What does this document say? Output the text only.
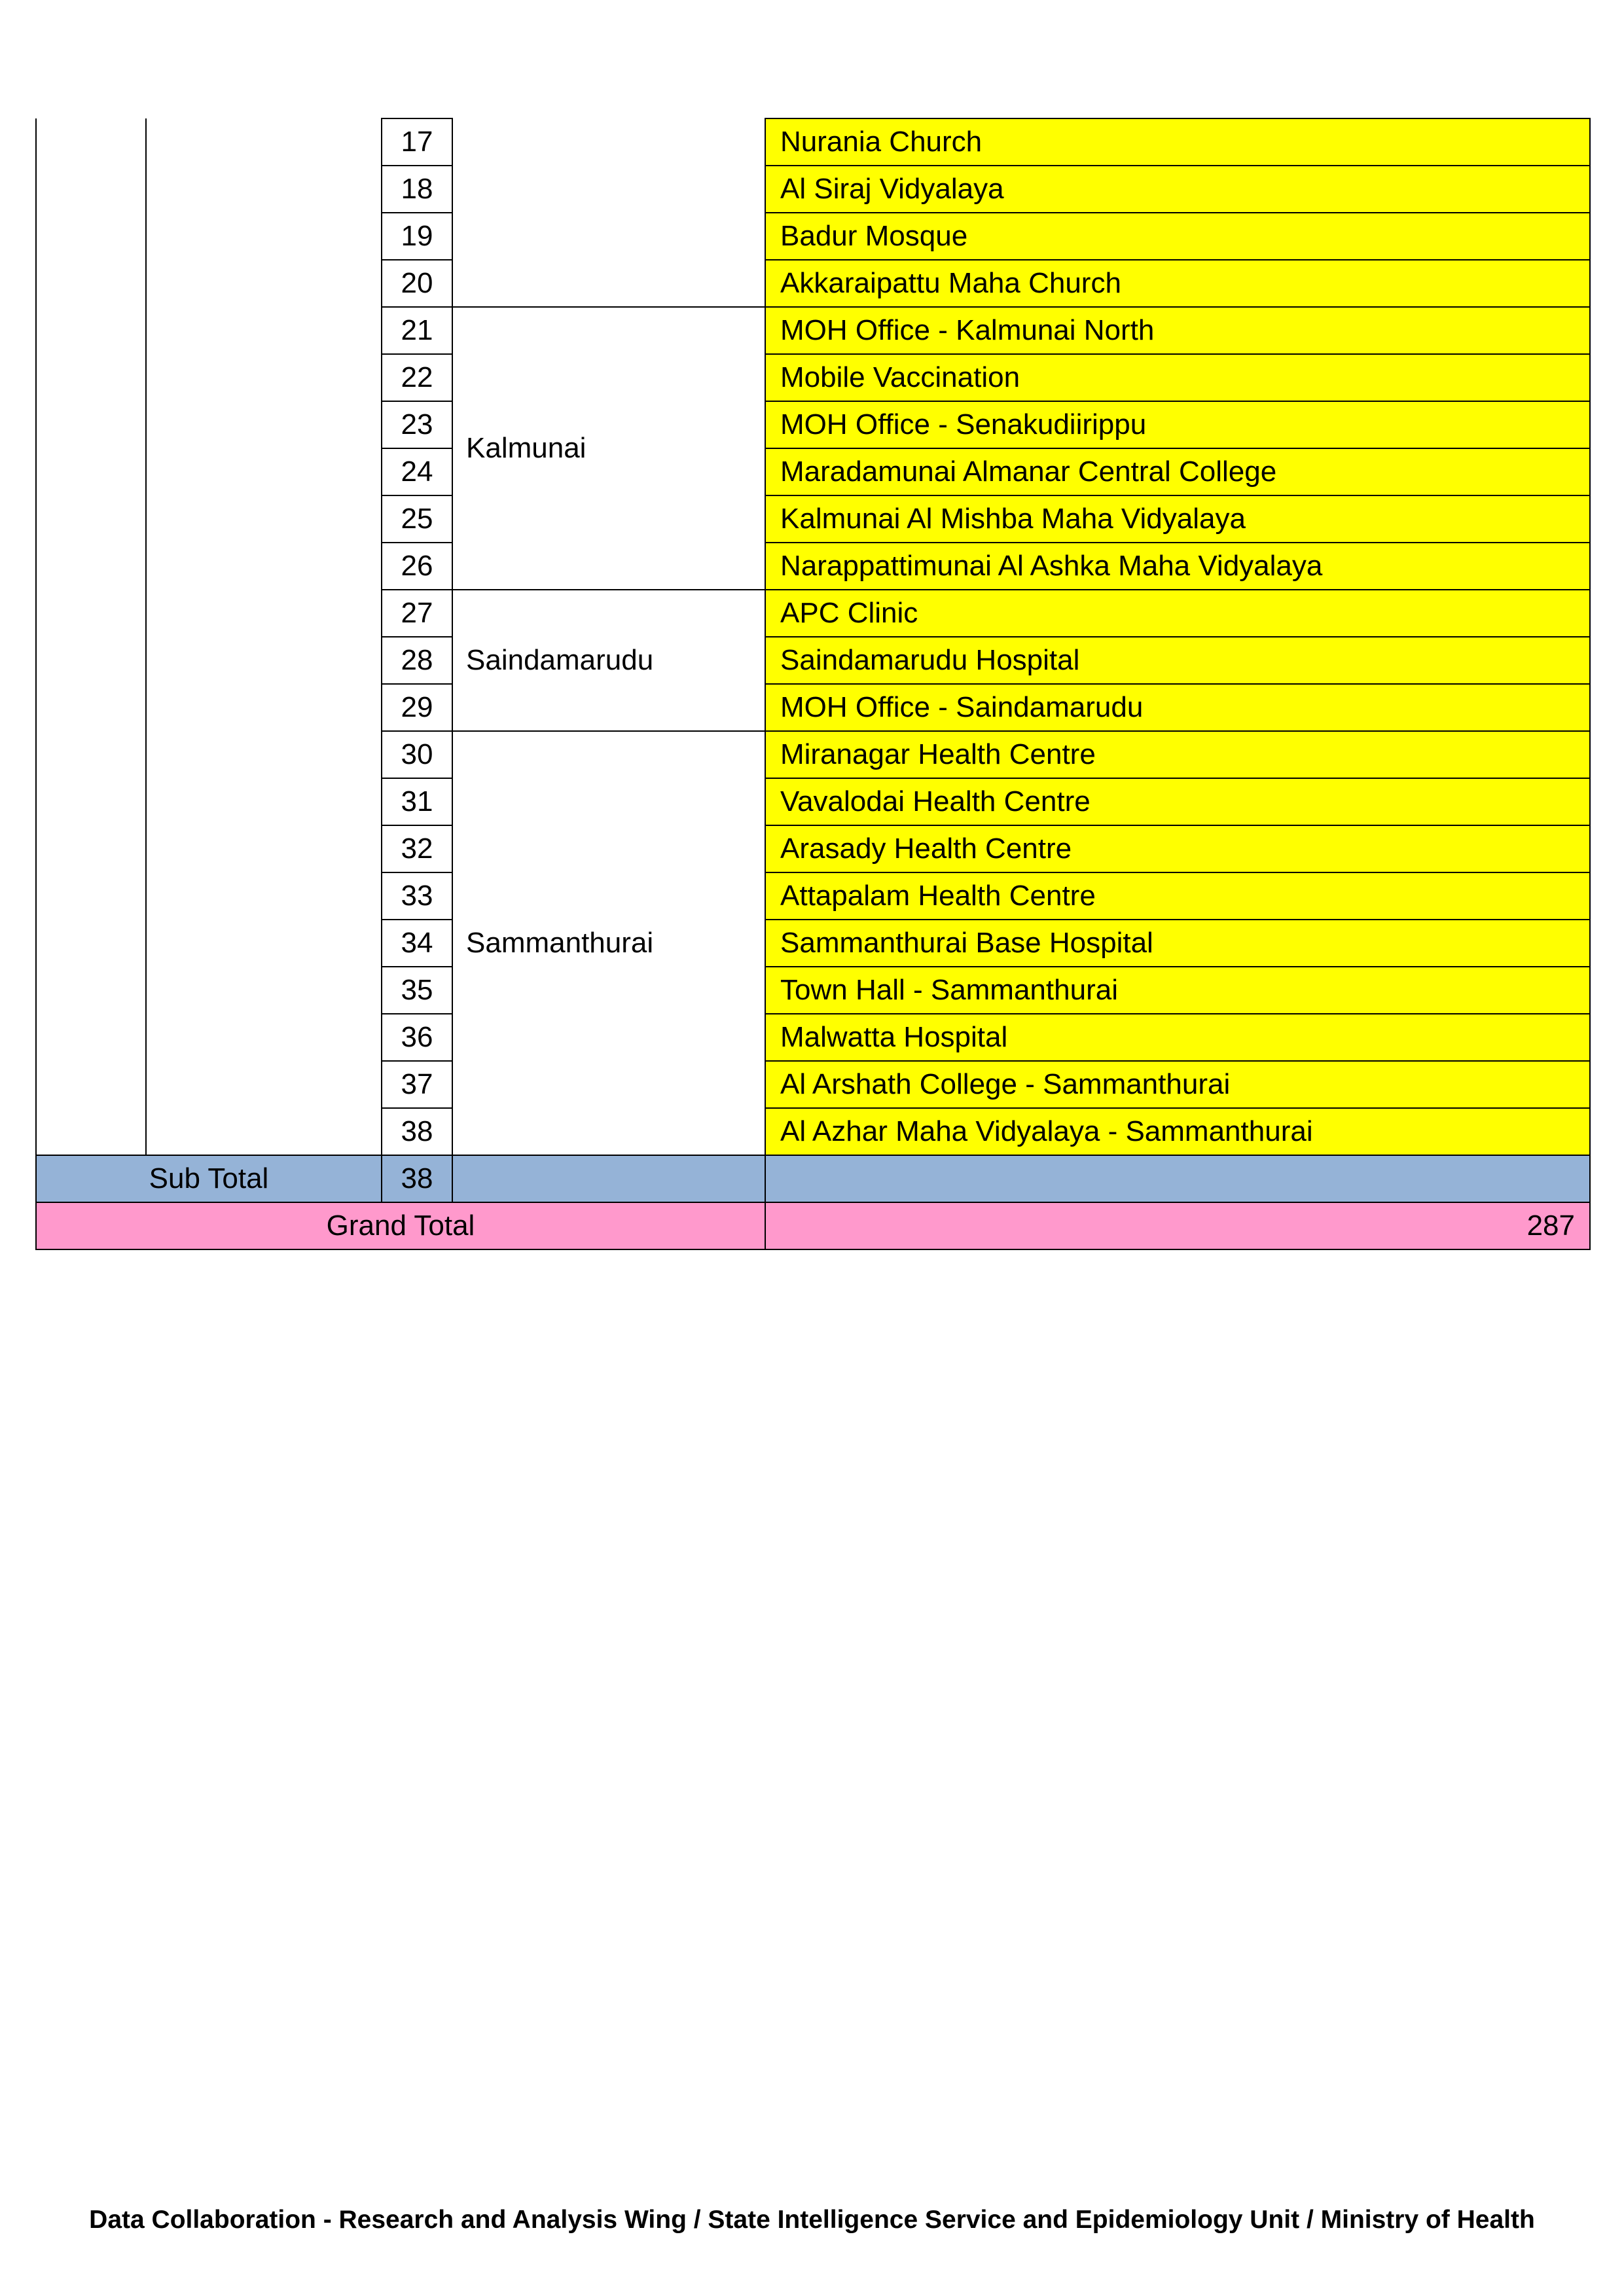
		17		Nurania Church
		18		Al Siraj Vidyalaya
		19		Badur Mosque
		20		Akkaraipattu Maha Church
		21	Kalmunai	MOH Office - Kalmunai North
		22		Mobile Vaccination
		23		MOH Office - Senakudiirippu
		24		Maradamunai Almanar Central College
		25		Kalmunai Al Mishba Maha Vidyalaya
		26		Narappattimunai Al Ashka Maha Vidyalaya
		27	Saindamarudu	APC Clinic
		28		Saindamarudu Hospital
		29		MOH Office - Saindamarudu
		30	Sammanthurai	Miranagar Health Centre
		31		Vavalodai Health Centre
		32		Arasady Health Centre
		33		Attapalam Health Centre
		34		Sammanthurai Base Hospital
		35		Town Hall - Sammanthurai
		36		Malwatta Hospital
		37		Al Arshath College - Sammanthurai
		38		Al Azhar Maha Vidyalaya - Sammanthurai
Sub Total		38		
Grand Total				287
Data Collaboration - Research and Analysis Wing / State Intelligence Service and Epidemiology Unit / Ministry of Health
